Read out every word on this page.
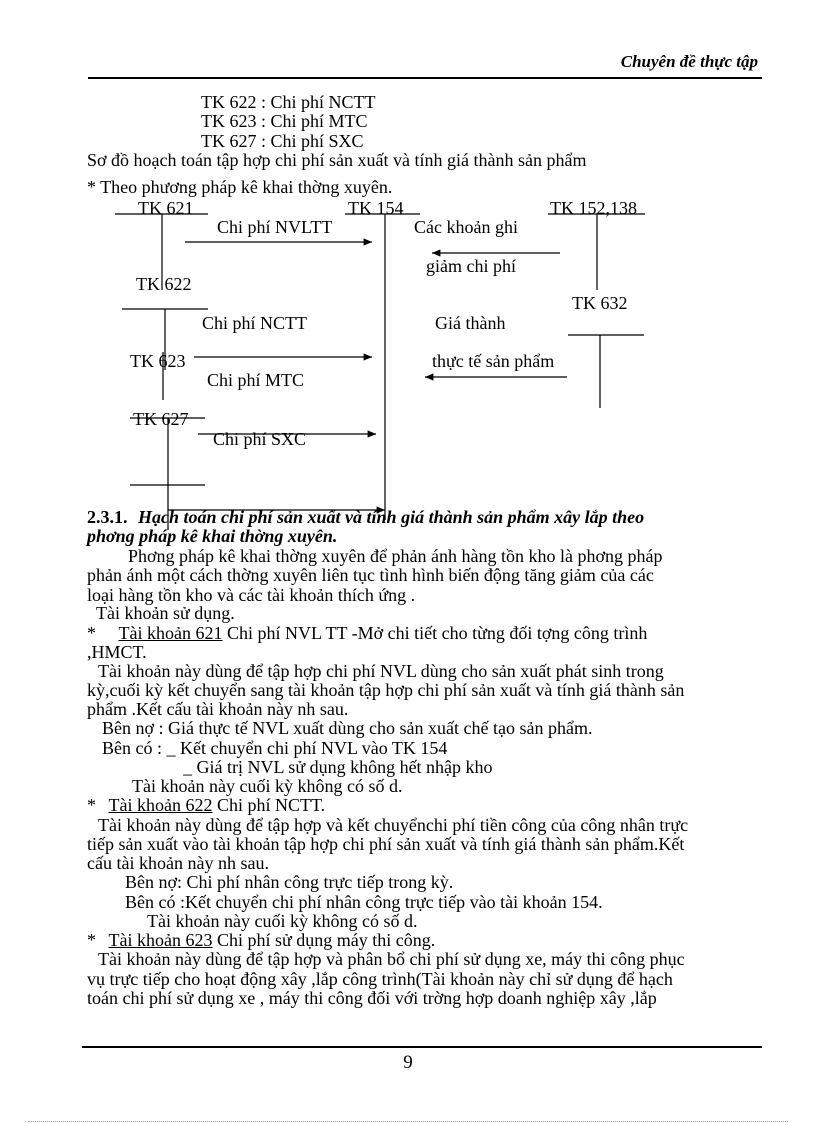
Chuyên đề thực tập
TK 622 : Chi phí NCTT
TK 623 : Chi phí MTC
TK 627 : Chi phí SXC
Sơ đồ hoạch toán tập hợp chi phí sản xuất và tính giá thành sản phẩm
* Theo phương pháp kê khai thờng xuyên.
TK 621	TK 154	TK 152,138
Chi phí NVLTT	Các khoản ghi
giảm chi phí
TK 622
TK 632
Chi phí NCTT	Giá thành
TK 623	thực tế sản phẩm
Chi phí MTC
TK 627
Chi phí SXC
2.3.1. Hạch toán chi phí sản xuất và tính giá thành sản phẩm xây lắp theo
phơng pháp kê khai thờng xuyên.
Phơng pháp kê khai thờng xuyên để phản ánh hàng tồn kho là phơng pháp
phản ánh một cách thờng xuyên liên tục tình hình biến động tăng giảm của các
loại hàng tồn kho và các tài khoản thích ứng .
Tài khoản sử dụng.
* Tài khoản 621 Chi phí NVL TT -Mở chi tiết cho từng đối tợng công trình
,HMCT.
Tài khoản này dùng để tập hợp chi phí NVL dùng cho sản xuất phát sinh trong
kỳ,cuối kỳ kết chuyển sang tài khoản tập hợp chi phí sản xuất và tính giá thành sản
phẩm .Kết cấu tài khoản này nh sau.
Bên nợ : Giá thực tế NVL xuất dùng cho sản xuất chế tạo sản phẩm.
Bên có : _ Kết chuyển chi phí NVL vào TK 154
_ Giá trị NVL sử dụng không hết nhập kho
Tài khoản này cuối kỳ không có số d.
* Tài khoản 622 Chi phí NCTT.
Tài khoản này dùng để tập hợp và kết chuyểnchi phí tiền công của công nhân trực
tiếp sản xuất vào tài khoản tập hợp chi phí sản xuất và tính giá thành sản phẩm.Kết
cấu tài khoản này nh sau.
Bên nợ: Chi phí nhân công trực tiếp trong kỳ.
Bên có :Kết chuyển chi phí nhân công trực tiếp vào tài khoản 154.
Tài khoản này cuối kỳ không có số d.
* Tài khoản 623 Chi phí sử dụng máy thi công.
Tài khoản này dùng để tập hợp và phân bổ chi phí sử dụng xe, máy thi công phục
vụ trực tiếp cho hoạt động xây ,lắp công trình(Tài khoản này chỉ sử dụng để hạch
toán chi phí sử dụng xe , máy thi công đối với trờng hợp doanh nghiệp xây ,lắp
9
